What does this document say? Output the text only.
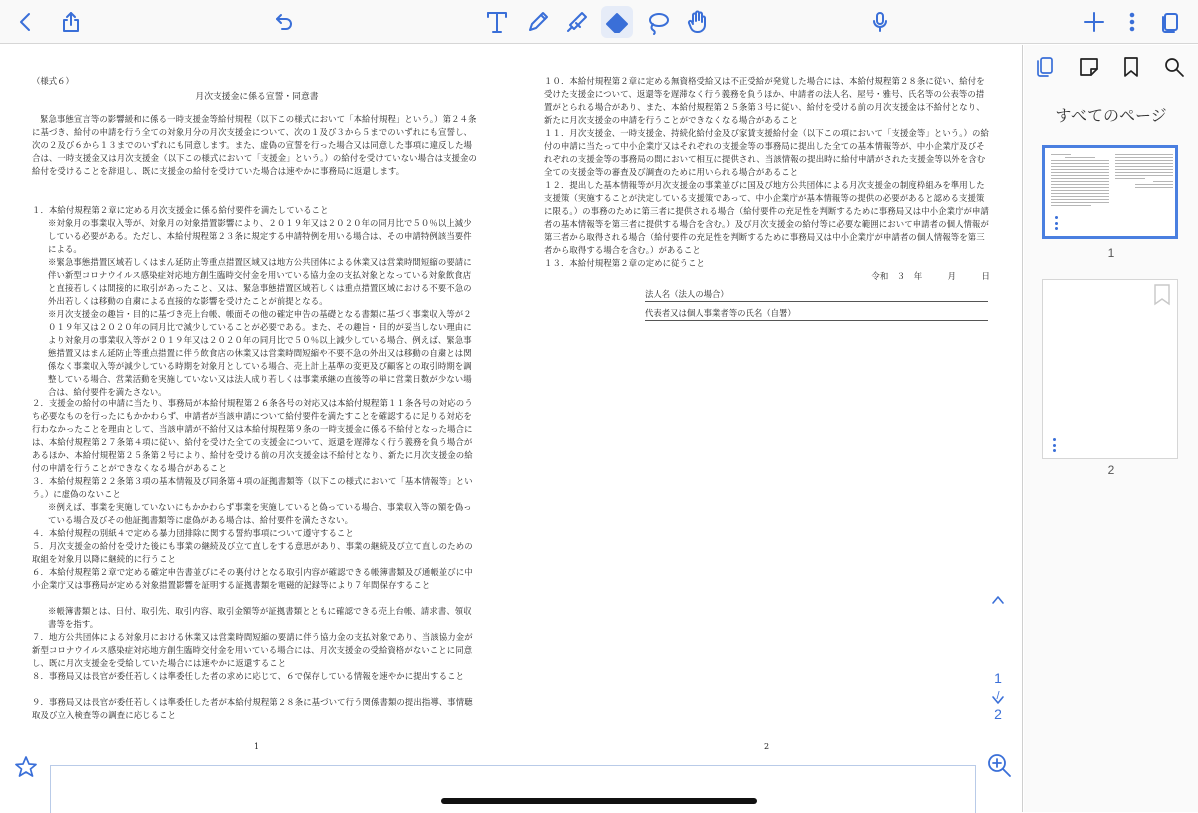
（様式６）
月次支援金に係る宣誓・同意書
緊急事態宣言等の影響緩和に係る一時支援金等給付規程（以下この様式において「本給付規程」という。）第２４条に基づき、給付の申請を行う全ての対象月分の月次支援金について、次の１及び３から５までのいずれにも宣誓し、次の２及び６から１３までのいずれにも同意します。また、虚偽の宣誓を行った場合又は同意した事項に違反した場合は、一時支援金又は月次支援金（以下この様式において「支援金」という。）の給付を受けていない場合は支援金の給付を受けることを辞退し、既に支援金の給付を受けていた場合は速やかに事務局に返還します。
１．本給付規程第２章に定める月次支援金に係る給付要件を満たしていること
※対象月の事業収入等が、対象月の対象措置影響により、２０１９年又は２０２０年の同月比で５０％以上減少している必要がある。ただし、本給付規程第２３条に規定する申請特例を用いる場合は、その申請特例該当要件による。
※緊急事態措置区域若しくはまん延防止等重点措置区域又は地方公共団体による休業又は営業時間短縮の要請に伴い新型コロナウイルス感染症対応地方創生臨時交付金を用いている協力金の支払対象となっている対象飲食店と直接若しくは間接的に取引があったこと、又は、緊急事態措置区域若しくは重点措置区域における不要不急の外出若しくは移動の自粛による直接的な影響を受けたことが前提となる。
※月次支援金の趣旨・目的に基づき売上台帳、帳面その他の確定申告の基礎となる書類に基づく事業収入等が２０１９年又は２０２０年の同月比で減少していることが必要である。また、その趣旨・目的が妥当しない理由により対象月の事業収入等が２０１９年又は２０２０年の同月比で５０％以上減少している場合、例えば、緊急事態措置又はまん延防止等重点措置に伴う飲食店の休業又は営業時間短縮や不要不急の外出又は移動の自粛とは関係なく事業収入等が減少している時期を対象月としている場合、売上計上基準の変更及び顧客との取引時期を調整している場合、営業活動を実施していない又は法人成り若しくは事業承継の直後等の単に営業日数が少ない場合は、給付要件を満たさない。
２．支援金の給付の申請に当たり、事務局が本給付規程第２６条各号の対応又は本給付規程第１１条各号の対応のうち必要なものを行ったにもかかわらず、申請者が当該申請について給付要件を満たすことを確認するに足りる対応を行わなかったことを理由として、当該申請が不給付又は本給付規程第９条の一時支援金に係る不給付となった場合には、本給付規程第２７条第４項に従い、給付を受けた全ての支援金について、返還を遅滞なく行う義務を負う場合があるほか、本給付規程第２５条第２号により、給付を受ける前の月次支援金は不給付となり、新たに月次支援金の給付の申請を行うことができなくなる場合があること
３．本給付規程第２２条第３項の基本情報及び同条第４項の証拠書類等（以下この様式において「基本情報等」という。）に虚偽のないこと
※例えば、事業を実施していないにもかかわらず事業を実施していると偽っている場合、事業収入等の額を偽っている場合及びその他証拠書類等に虚偽がある場合は、給付要件を満たさない。
４．本給付規程の別紙４で定める暴力団排除に関する誓約事項について遵守すること
５．月次支援金の給付を受けた後にも事業の継続及び立て直しをする意思があり、事業の継続及び立て直しのための取組を対象月以降に継続的に行うこと
６．本給付規程第２章で定める確定申告書並びにその裏付けとなる取引内容が確認できる帳簿書類及び通帳並びに中小企業庁又は事務局が定める対象措置影響を証明する証拠書類を電磁的記録等により７年間保存すること
※帳簿書類とは、日付、取引先、取引内容、取引金額等が証拠書類とともに確認できる売上台帳、請求書、領収書等を指す。
７．地方公共団体による対象月における休業又は営業時間短縮の要請に伴う協力金の支払対象であり、当該協力金が新型コロナウイルス感染症対応地方創生臨時交付金を用いている場合には、月次支援金の受給資格がないことに同意し、既に月次支援金を受給していた場合には速やかに返還すること
８．事務局又は長官が委任若しくは準委任した者の求めに応じて、６で保存している情報を速やかに提出すること
９．事務局又は長官が委任若しくは準委任した者が本給付規程第２８条に基づいて行う関係書類の提出指導、事情聴取及び立入検査等の調査に応じること
1
１０．本給付規程第２章に定める無資格受給又は不正受給が発覚した場合には、本給付規程第２８条に従い、給付を受けた支援金について、返還等を遅滞なく行う義務を負うほか、申請者の法人名、屋号・雅号、氏名等の公表等の措置がとられる場合があり、また、本給付規程第２５条第３号に従い、給付を受ける前の月次支援金は不給付となり、新たに月次支援金の申請を行うことができなくなる場合があること
１１．月次支援金、一時支援金、持続化給付金及び家賃支援給付金（以下この項において「支援金等」という。）の給付の申請に当たって中小企業庁又はそれぞれの支援金等の事務局に提出した全ての基本情報等が、中小企業庁及びそれぞれの支援金等の事務局の間において相互に提供され、当該情報の提出時に給付申請がされた支援金等以外を含む全ての支援金等の審査及び調査のために用いられる場合があること
１２．提出した基本情報等が月次支援金の事業並びに国及び地方公共団体による月次支援金の制度枠組みを準用した支援策（実施することが決定している支援策であって、中小企業庁が基本情報等の提供の必要があると認める支援策に限る。）の事務のために第三者に提供される場合（給付要件の充足性を判断するために事務局又は中小企業庁が申請者の基本情報等を第三者に提供する場合を含む。）及び月次支援金の給付等に必要な範囲において申請者の個人情報が第三者から取得される場合（給付要件の充足性を判断するために事務局又は中小企業庁が申請者の個人情報等を第三者から取得する場合を含む。）があること
１３．本給付規程第２章の定めに従うこと
令和　３　年　　　月　　　日
法人名（法人の場合）
代表者又は個人事業者等の氏名（自署）
2
1
/
2
すべてのページ
1
2
